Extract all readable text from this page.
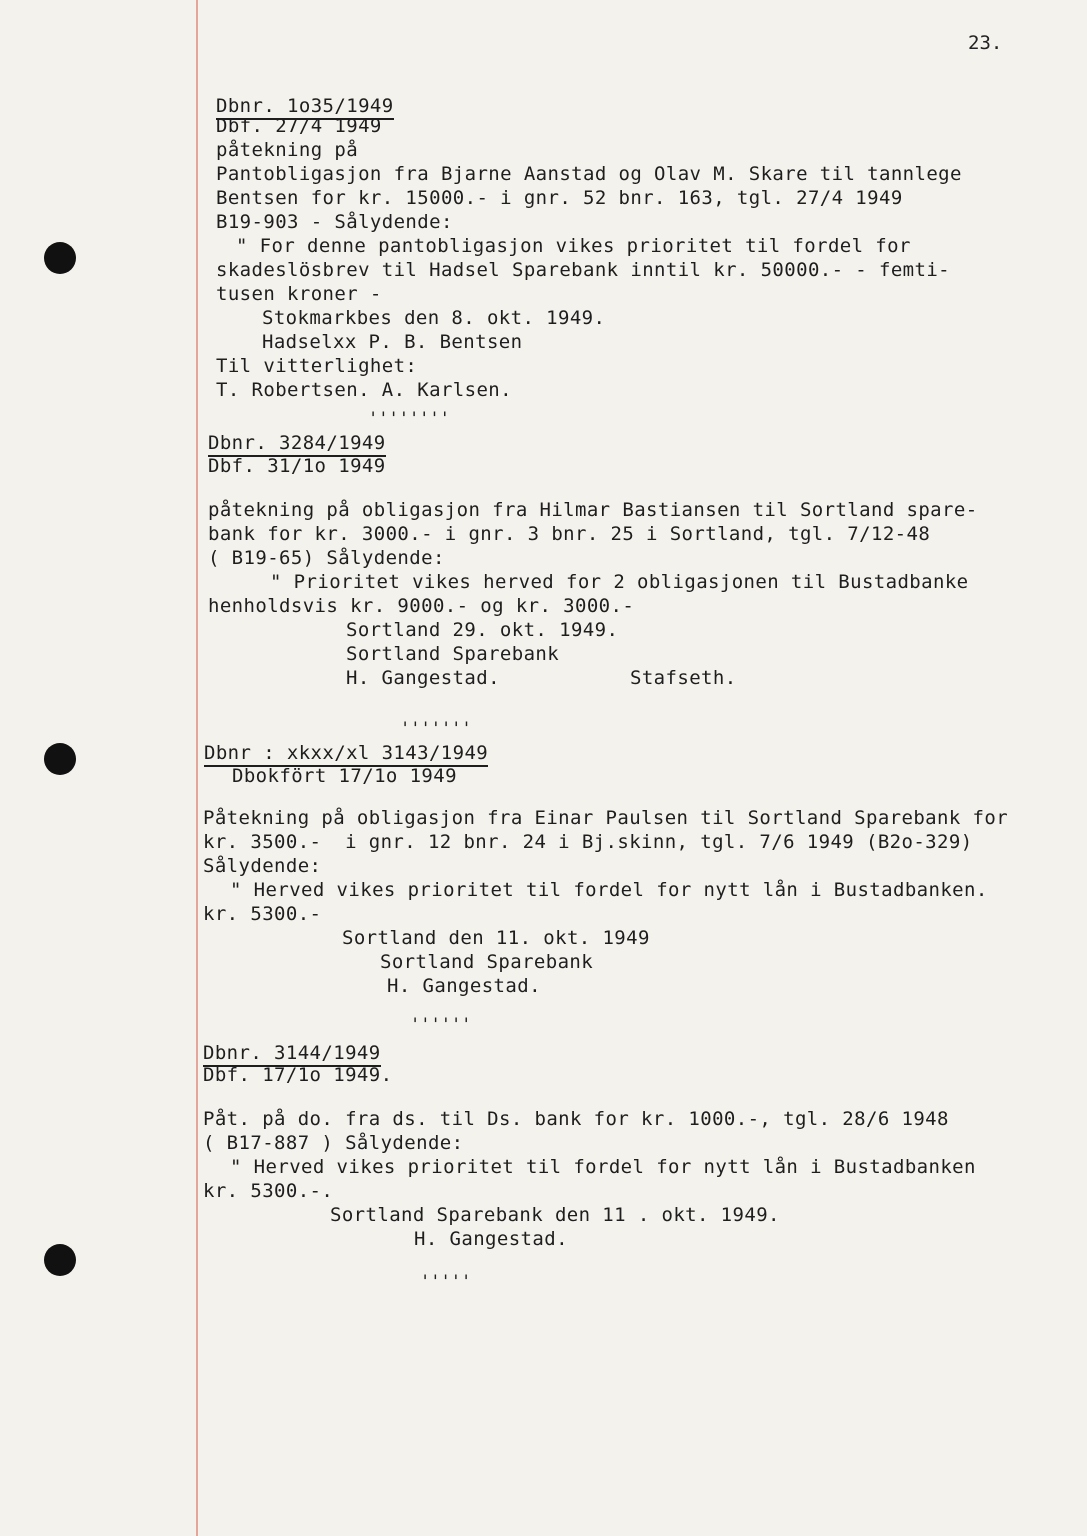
23.
Dbnr. 1o35/1949
Dbf. 27/4 1949
påtekning på
Pantobligasjon fra Bjarne Aanstad og Olav M. Skare til tannlege
Bentsen for kr. 15000.- i gnr. 52 bnr. 163, tgl. 27/4 1949
B19-903 - Sålydende:
" For denne pantobligasjon vikes prioritet til fordel for
skadeslösbrev til Hadsel Sparebank inntil kr. 50000.- - femti-
tusen kroner -
Stokmarkbes den 8. okt. 1949.
Hadselxx P. B. Bentsen
Til vitterlighet:
T. Robertsen. A. Karlsen.
''''''''
Dbnr. 3284/1949
Dbf. 31/1o 1949
påtekning på obligasjon fra Hilmar Bastiansen til Sortland spare-
bank for kr. 3000.- i gnr. 3 bnr. 25 i Sortland, tgl. 7/12-48
( B19-65) Sålydende:
" Prioritet vikes herved for 2 obligasjonen til Bustadbanke
henholdsvis kr. 9000.- og kr. 3000.-
Sortland 29. okt. 1949.
Sortland Sparebank
H. Gangestad.	Stafseth.
'''''''
Dbnr : xkxx/xl 3143/1949
Dbokfört 17/1o 1949
Påtekning på obligasjon fra Einar Paulsen til Sortland Sparebank for
kr. 3500.-  i gnr. 12 bnr. 24 i Bj.skinn, tgl. 7/6 1949 (B2o-329)
Sålydende:
" Herved vikes prioritet til fordel for nytt lån i Bustadbanken.
kr. 5300.-
Sortland den 11. okt. 1949
Sortland Sparebank
H. Gangestad.
''''''
Dbnr. 3144/1949
Dbf. 17/1o 1949.
Påt. på do. fra ds. til Ds. bank for kr. 1000.-, tgl. 28/6 1948
( B17-887 ) Sålydende:
" Herved vikes prioritet til fordel for nytt lån i Bustadbanken
kr. 5300.-.
Sortland Sparebank den 11 . okt. 1949.
H. Gangestad.
'''''
